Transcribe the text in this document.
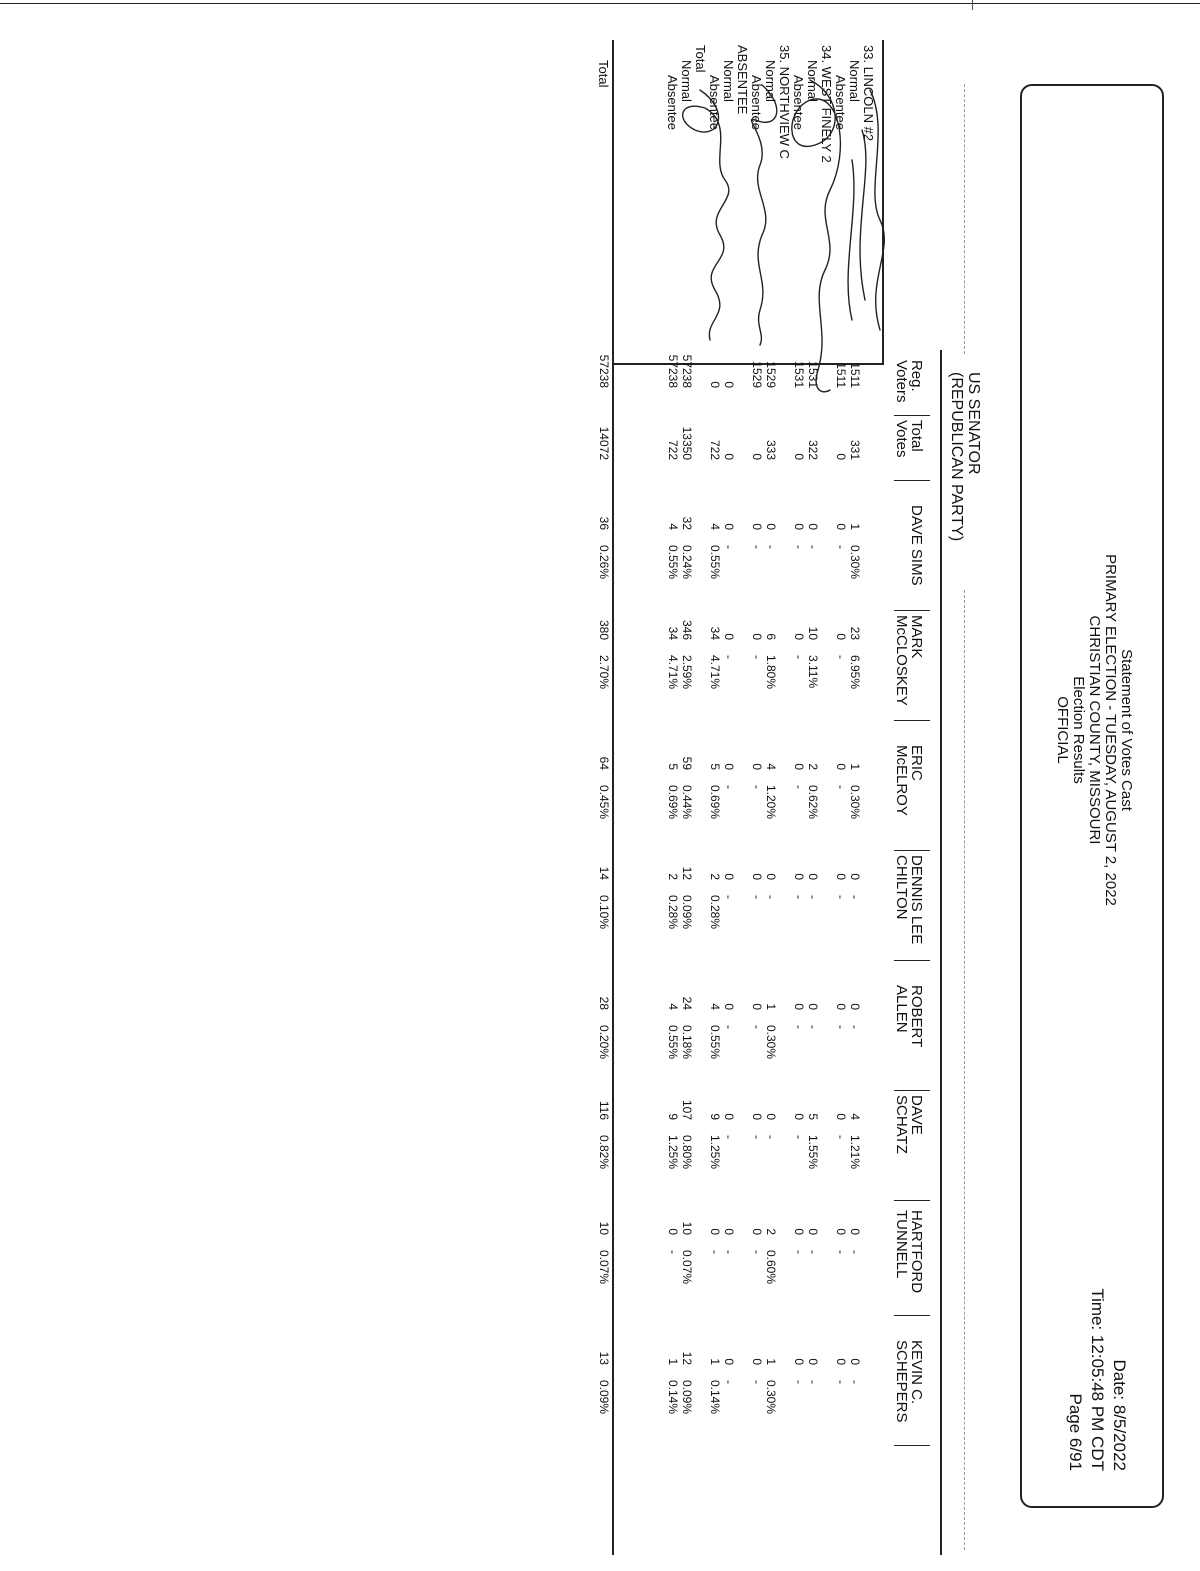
Statement of Votes Cast
PRIMARY ELECTION - TUESDAY, AUGUST 2, 2022
CHRISTIAN COUNTY, MISSOURI
Election Results
OFFICIAL
Date: 8/5/2022
Time: 12:05:48 PM CDT
Page 6/91
US SENATOR
(REPUBLICAN PARTY)
Reg.
Voters
Total
Votes
DAVE SIMS
MARK
McCLOSKEY
ERIC
McELROY
DENNIS LEE
CHILTON
ROBERT
ALLEN
DAVE
SCHATZ
HARTFORD
TUNNELL
KEVIN C.
SCHEPERS
33. LINCOLN #2
Normal
1511
331
1
0.30%
23
6.95%
1
0.30%
0
-
0
-
4
1.21%
0
-
0
-
Absentee
1511
0
0
-
0
-
0
-
0
-
0
-
0
-
0
-
0
-
34. WEST FINELY 2
Normal
1531
322
0
-
10
3.11%
2
0.62%
0
-
0
-
5
1.55%
0
-
0
-
Absentee
1531
0
0
-
0
-
0
-
0
-
0
-
0
-
0
-
0
-
35. NORTHVIEW C
Normal
1529
333
0
-
6
1.80%
4
1.20%
0
-
1
0.30%
0
-
2
0.60%
1
0.30%
Absentee
1529
0
0
-
0
-
0
-
0
-
0
-
0
-
0
-
0
-
ABSENTEE
Normal
0
0
0
-
0
-
0
-
0
-
0
-
0
-
0
-
0
-
Absentee
0
722
4
0.55%
34
4.71%
5
0.69%
2
0.28%
4
0.55%
9
1.25%
0
-
1
0.14%
Total
Normal
57238
13350
32
0.24%
346
2.59%
59
0.44%
12
0.09%
24
0.18%
107
0.80%
10
0.07%
12
0.09%
Absentee
57238
722
4
0.55%
34
4.71%
5
0.69%
2
0.28%
4
0.55%
9
1.25%
0
-
1
0.14%
Total
57238
14072
36
0.26%
380
2.70%
64
0.45%
14
0.10%
28
0.20%
116
0.82%
10
0.07%
13
0.09%
